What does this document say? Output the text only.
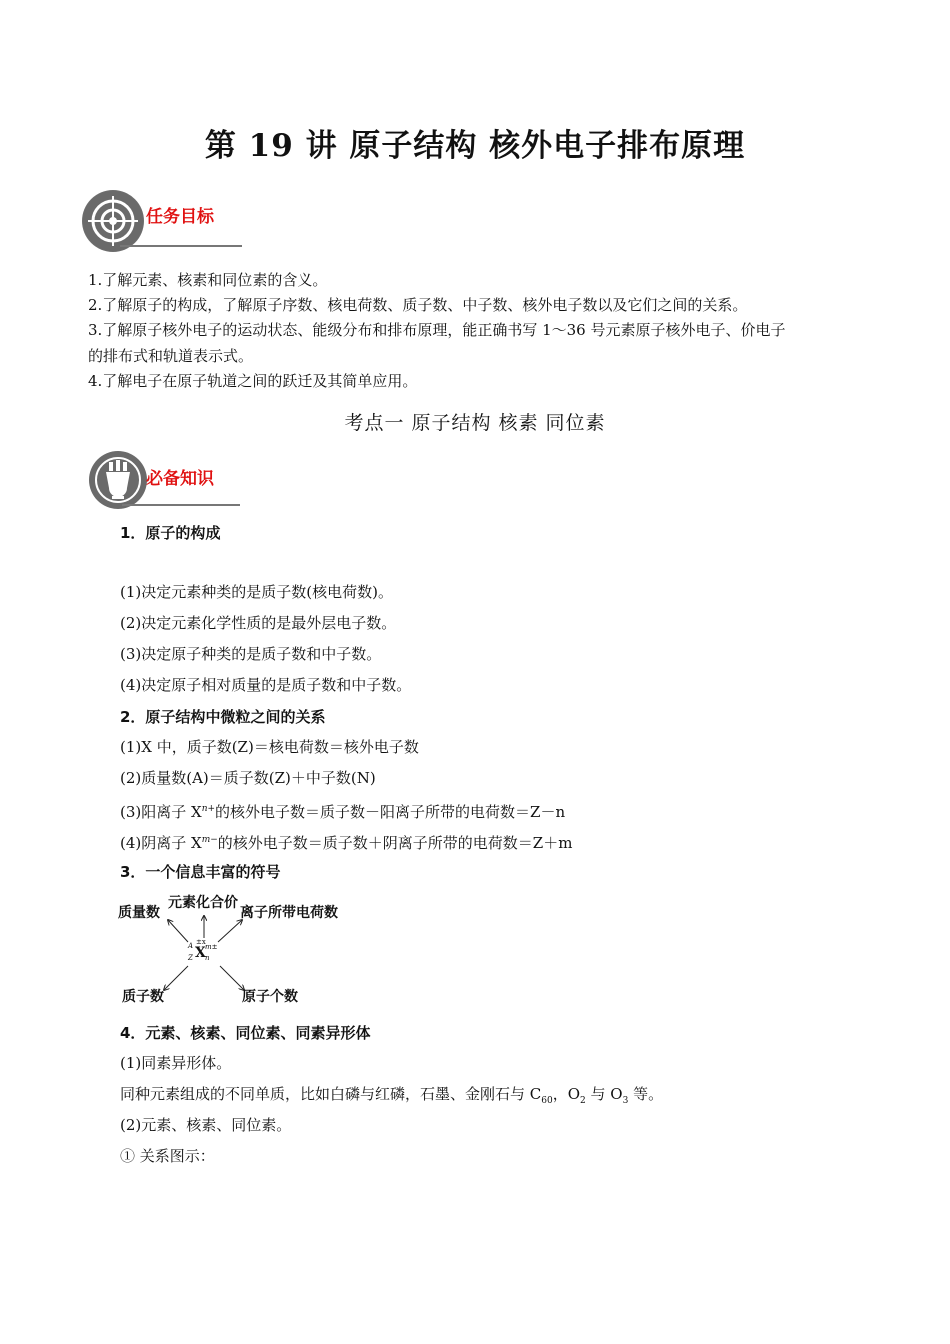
第 19 讲 原子结构 核外电子排布原理
任务目标
1.了解元素、核素和同位素的含义。
2.了解原子的构成，了解原子序数、核电荷数、质子数、中子数、核外电子数以及它们之间的关系。
3.了解原子核外电子的运动状态、能级分布和排布原理，能正确书写 1～36 号元素原子核外电子、价电子
的排布式和轨道表示式。
4.了解电子在原子轨道之间的跃迁及其简单应用。
考点一 原子结构 核素 同位素
必备知识
1．原子的构成
(1)决定元素种类的是质子数(核电荷数)。
(2)决定元素化学性质的是最外层电子数。
(3)决定原子种类的是质子数和中子数。
(4)决定原子相对质量的是质子数和中子数。
2．原子结构中微粒之间的关系
(1)X 中，质子数(Z)＝核电荷数＝核外电子数
(2)质量数(A)＝质子数(Z)＋中子数(N)
(3)阳离子 $X^{n+}$的核外电子数＝质子数－阳离子所带的电荷数＝Z－n
(4)阴离子 $X^{m-}$的核外电子数＝质子数＋阴离子所带的电荷数＝Z＋m
3．一个信息丰富的符号
质量数
元素化合价
离子所带电荷数
质子数	原子个数
A
Z
±x
X m±
n
4．元素、核素、同位素、同素异形体
(1)同素异形体。
同种元素组成的不同单质，比如白磷与红磷，石墨、金刚石与 $C_{60}$，$O_2$ 与 $O_3$ 等。
(2)元素、核素、同位素。
① 关系图示：
